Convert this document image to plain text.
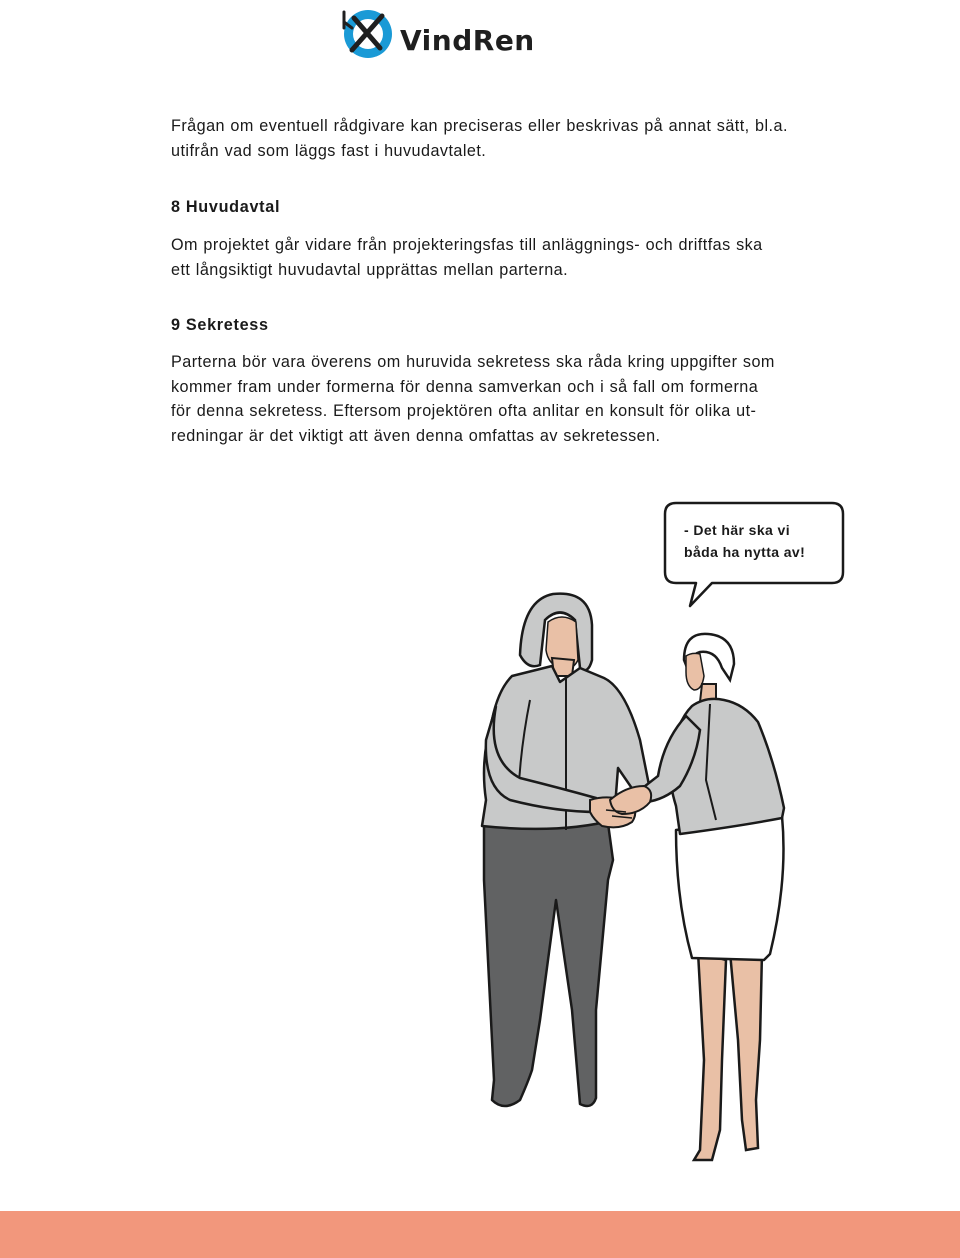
VindRen

Frågan om eventuell rådgivare kan preciseras eller beskrivas på annat sätt, bl.a.
utifrån vad som läggs fast i huvudavtalet.

8 Huvudavtal

Om projektet går vidare från projekteringsfas till anläggnings- och driftfas ska
ett långsiktigt huvudavtal upprättas mellan parterna.

9 Sekretess

Parterna bör vara överens om huruvida sekretess ska råda kring uppgifter som
kommer fram under formerna för denna samverkan och i så fall om formerna
för denna sekretess. Eftersom projektören ofta anlitar en konsult för olika ut-
redningar är det viktigt att även denna omfattas av sekretessen.

- Det här ska vi
båda ha nytta av!
